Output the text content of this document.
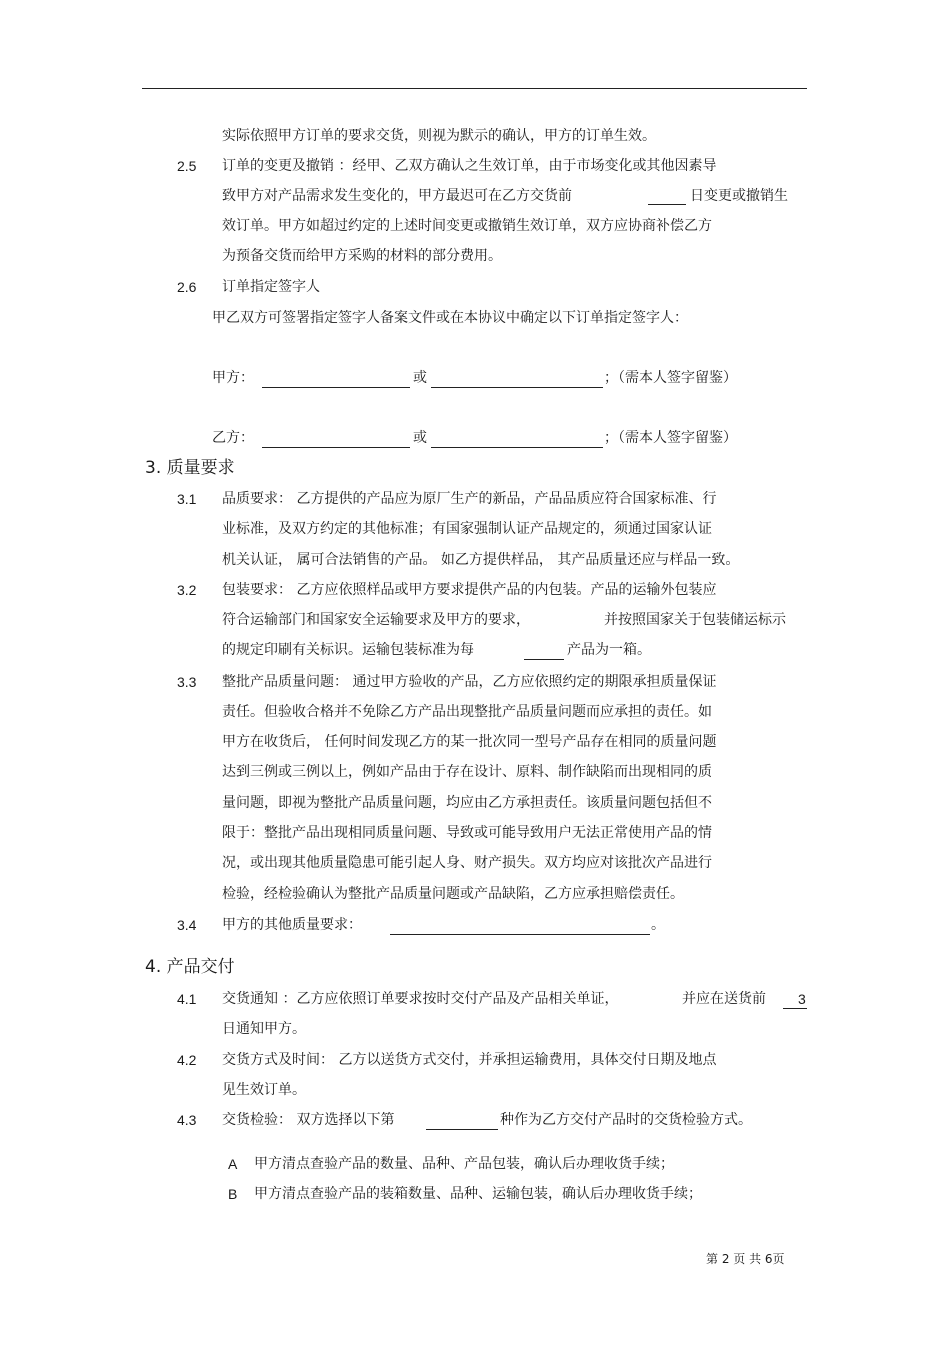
实际依照甲方订单的要求交货，则视为默示的确认，甲方的订单生效。
2.5 订单的变更及撤销 ：经甲、乙双方确认之生效订单，由于市场变化或其他因素导
致甲方对产品需求发生变化的，甲方最迟可在乙方交货前	日变更或撤销生
效订单。甲方如超过约定的上述时间变更或撤销生效订单，双方应协商补偿乙方
为预备交货而给甲方采购的材料的部分费用。
2.6 订单指定签字人
甲乙双方可签署指定签字人备案文件或在本协议中确定以下订单指定签字人：
甲方：	或	；（需本人签字留鉴）
乙方：	或	；（需本人签字留鉴）
3. 质量要求
3.1 品质要求： 乙方提供的产品应为原厂生产的新品，产品品质应符合国家标准、行
业标准，及双方约定的其他标准；有国家强制认证产品规定的，须通过国家认证
机关认证， 属可合法销售的产品。 如乙方提供样品， 其产品质量还应与样品一致。
3.2 包装要求： 乙方应依照样品或甲方要求提供产品的内包装。产品的运输外包装应
符合运输部门和国家安全运输要求及甲方的要求，	并按照国家关于包装储运标示
的规定印刷有关标识。运输包装标准为每	产品为一箱。
3.3 整批产品质量问题： 通过甲方验收的产品，乙方应依照约定的期限承担质量保证
责任。但验收合格并不免除乙方产品出现整批产品质量问题而应承担的责任。如
甲方在收货后， 任何时间发现乙方的某一批次同一型号产品存在相同的质量问题
达到三例或三例以上，例如产品由于存在设计、原料、制作缺陷而出现相同的质
量问题，即视为整批产品质量问题，均应由乙方承担责任。该质量问题包括但不
限于：整批产品出现相同质量问题、导致或可能导致用户无法正常使用产品的情
况，或出现其他质量隐患可能引起人身、财产损失。双方均应对该批次产品进行
检验，经检验确认为整批产品质量问题或产品缺陷，乙方应承担赔偿责任。
3.4 甲方的其他质量要求：	。
4. 产品交付
4.1 交货通知 ：乙方应依照订单要求按时交付产品及产品相关单证，	并应在送货前 3
日通知甲方。
4.2 交货方式及时间： 乙方以送货方式交付，并承担运输费用，具体交付日期及地点
见生效订单。
4.3 交货检验： 双方选择以下第	种作为乙方交付产品时的交货检验方式。
A 甲方清点查验产品的数量、品种、产品包装，确认后办理收货手续；
B 甲方清点查验产品的装箱数量、品种、运输包装，确认后办理收货手续；
第 2 页 共 6页
